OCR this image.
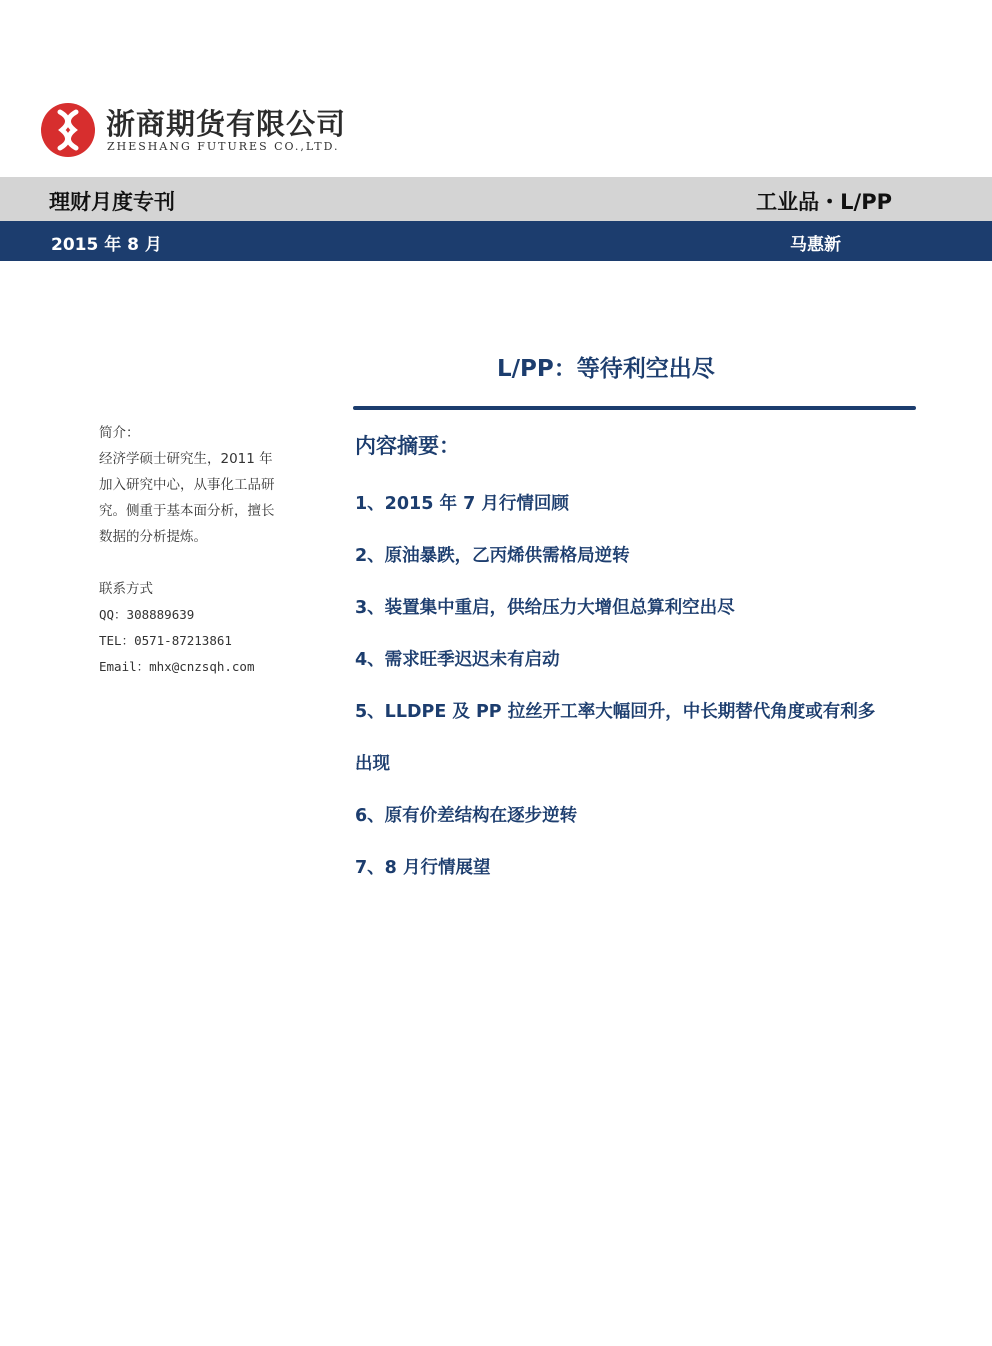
浙商期货有限公司
ZHESHANG FUTURES CO.,LTD.
理财月度专刊	工业品・L/PP
2015 年 8 月	马惠新
L/PP：等待利空出尽
简介：
经济学硕士研究生，2011 年
加入研究中心，从事化工品研
究。侧重于基本面分析，擅长
数据的分析提炼。
联系方式
QQ：308889639
TEL：0571-87213861
Email：mhx@cnzsqh.com
内容摘要：
1、2015 年 7 月行情回顾
2、原油暴跌，乙丙烯供需格局逆转
3、装置集中重启，供给压力大增但总算利空出尽
4、需求旺季迟迟未有启动
5、LLDPE 及 PP 拉丝开工率大幅回升，中长期替代角度或有利多
出现
6、原有价差结构在逐步逆转
7、8 月行情展望
